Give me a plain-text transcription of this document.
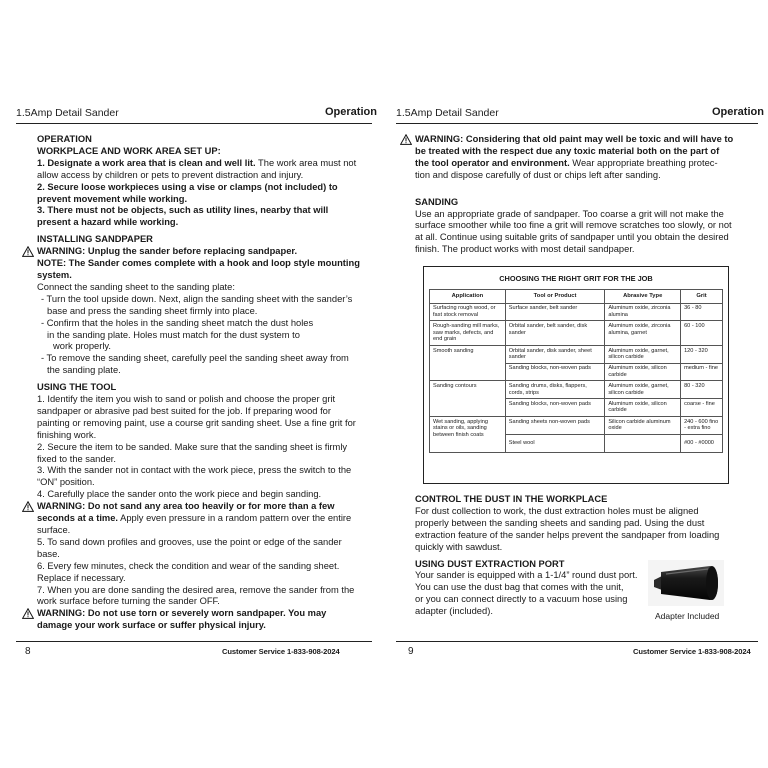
1.5Amp Detail Sander	Operation

OPERATION

WORKPLACE AND WORK AREA SET UP:

1. Designate a work area that is clean and well lit. The work area must not

allow access by children or pets to prevent distraction and injury.

2. Secure loose workpieces using a vise or clamps (not included) to

prevent movement while working.

3. There must not be objects, such as utility lines, nearby that will

present a hazard while working.

INSTALLING SANDPAPER

WARNING: Unplug the sander before replacing sandpaper.

NOTE: The Sander comes complete with a hook and loop style mounting

system.

Connect the sanding sheet to the sanding plate:

- Turn the tool upside down. Next, align the sanding sheet with the sander’s

base and press the sanding sheet firmly into place.

- Confirm that the holes in the sanding sheet match the dust holes

in the sanding plate. Holes must match for the dust system to

work properly.

- To remove the sanding sheet, carefully peel the sanding sheet away from

the sanding plate.

USING THE TOOL

1. Identify the item you wish to sand or polish and choose the proper grit

sandpaper or abrasive pad best suited for the job. If preparing wood for

painting or removing paint, use a course grit sanding sheet. Use a fine grit for

finishing work.

2. Secure the item to be sanded. Make sure that the sanding sheet is firmly

fixed to the sander.

3. With the sander not in contact with the work piece, press the switch to the

“ON” position.

4. Carefully place the sander onto the work piece and begin sanding.

WARNING: Do not sand any area too heavily or for more than a few

seconds at a time. Apply even pressure in a random pattern over the entire

surface.

5. To sand down profiles and grooves, use the point or edge of the sander

base.

6. Every few minutes, check the condition and wear of the sanding sheet.

Replace if necessary.

7. When you are done sanding the desired area, remove the sander from the

work surface before turning the sander OFF.

WARNING: Do not use torn or severely worn sandpaper. You may

damage your work surface or suffer physical injury.

8	Customer Service 1-833-908-2024
1.5Amp Detail Sander	Operation
9	Customer Service 1-833-908-2024

WARNING: Considering that old paint may well be toxic and will have to

be treated with the respect due any toxic material both on the part of

the tool operator and environment. Wear appropriate breathing protec-

tion and dispose carefully of dust or chips left after sanding.

SANDING

Use an appropriate grade of sandpaper. Too coarse a grit will not make the

surface smoother while too fine a grit will remove scratches too slowly, or not

at all. Continue using suitable grits of sandpaper until you obtain the desired

finish. The product works with most detail sandpaper.

CHOOSING THE RIGHT GRIT FOR THE JOB
Application	Tool or Product	Abrasive Type	Grit
Surfacing rough wood, or fast stock removal	Surface sander, belt sander	Aluminum oxide, zirconia alumina	36 - 80
Rough-sanding mill marks, saw marks, defects, and end grain	Orbital sander, belt sander, disk sander	Aluminum oxide, zirconia alumina, garnet	60 - 100
Smooth sanding	Orbital sander, disk sander, sheet sander	Aluminum oxide, garnet, silicon carbide	120 - 320
	Sanding blocks, non-woven pads	Aluminum oxide, silicon carbide	medium - fine
Sanding contours	Sanding drums, disks, flappers, cords, strips	Aluminum oxide, garnet, silicon carbide	80 - 320
	Sanding blocks, non-woven pads	Aluminum oxide, silicon carbide	coarse - fine
Wet sanding, applying stains or oils, sanding between finish coats	Sanding sheets non-woven pads	Silicon carbide aluminum oxide	240 - 600 fino - extra fino
	Steel wool		#00 - #0000

CONTROL THE DUST IN THE WORKPLACE

For dust collection to work, the dust extraction holes must be aligned

properly between the sanding sheets and sanding pad. Using the dust

extraction feature of the sander helps prevent the sandpaper from loading

quickly with sawdust.

USING DUST EXTRACTION PORT

Your sander is equipped with a 1-1/4” round dust port.

You can use the dust bag that comes with the unit,

or you can connect directly to a vacuum hose using

adapter (included).	Adapter Included
